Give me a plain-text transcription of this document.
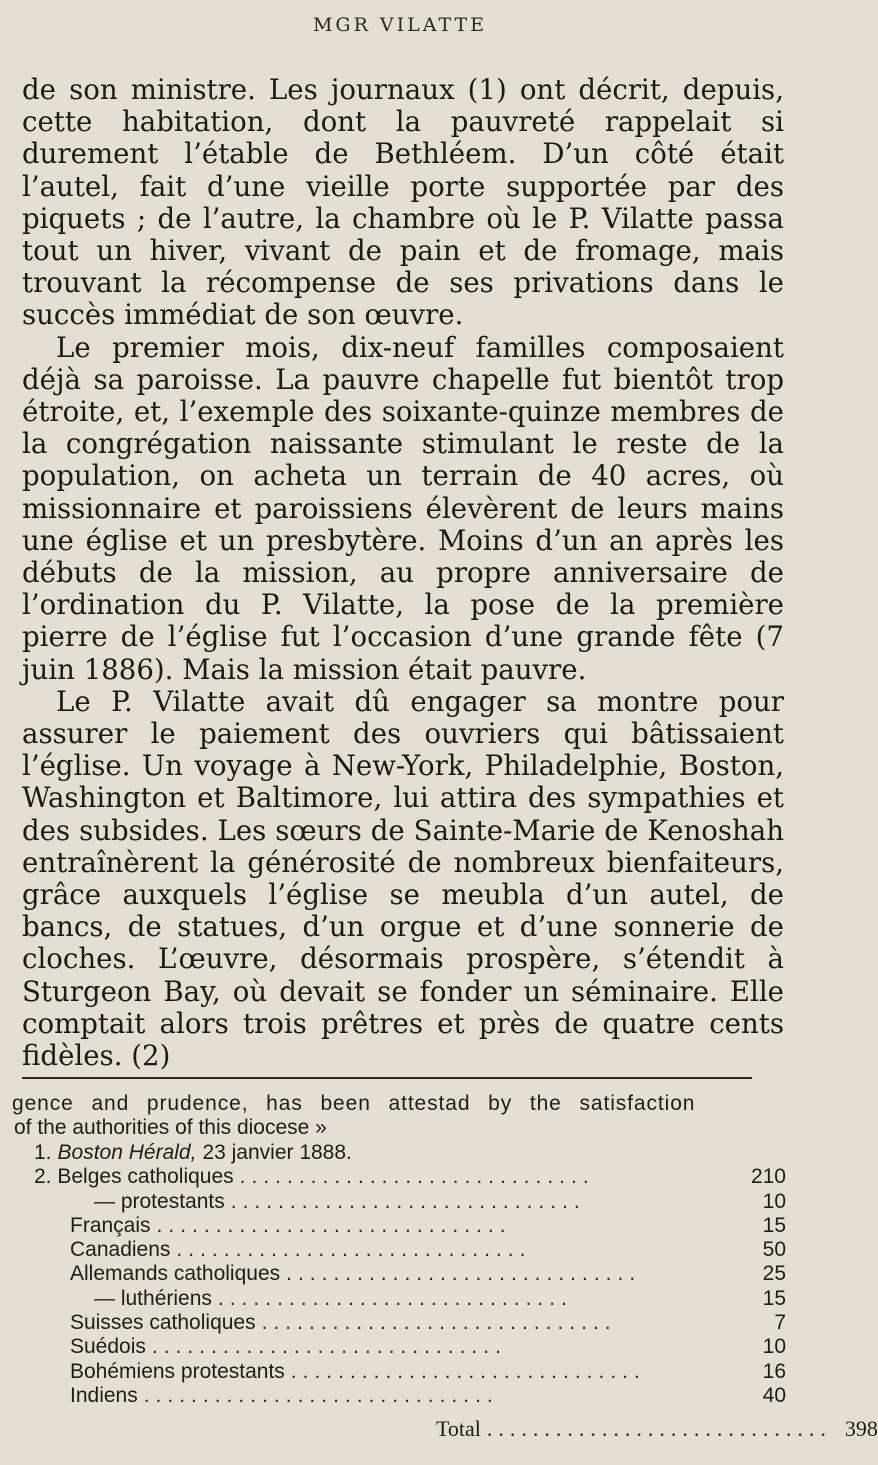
MGR VILATTE

de son ministre. Les journaux (1) ont décrit, depuis, cette habitation, dont la pauvreté rappelait si durement l’étable de Bethléem. D’un côté était l’autel, fait d’une vieille porte supportée par des piquets ; de l’autre, la chambre où le P. Vilatte passa tout un hiver, vivant de pain et de fromage, mais trouvant la récompense de ses privations dans le succès immédiat de son œuvre.

Le premier mois, dix-neuf familles composaient déjà sa paroisse. La pauvre chapelle fut bientôt trop étroite, et, l’exemple des soixante-quinze membres de la congrégation naissante stimulant le reste de la population, on acheta un terrain de 40 acres, où missionnaire et paroissiens élevèrent de leurs mains une église et un presbytère. Moins d’un an après les débuts de la mission, au propre anniversaire de l’ordination du P. Vilatte, la pose de la première pierre de l’église fut l’occasion d’une grande fête (7 juin 1886). Mais la mission était pauvre.

Le P. Vilatte avait dû engager sa montre pour assurer le paiement des ouvriers qui bâtissaient l’église. Un voyage à New-York, Philadelphie, Boston, Washington et Baltimore, lui attira des sympathies et des subsides. Les sœurs de Sainte-Marie de Kenoshah entraînèrent la générosité de nombreux bienfaiteurs, grâce auxquels l’église se meubla d’un autel, de bancs, de statues, d’un orgue et d’une sonnerie de cloches. L’œuvre, désormais prospère, s’étendit à Sturgeon Bay, où devait se fonder un séminaire. Elle comptait alors trois prêtres et près de quatre cents fidèles. (2)

gence and prudence, has been attestad by the satisfaction
of the authorities of this diocese »
1. Boston Hérald, 23 janvier 1888.
2. Belges catholiques ..............................	210
— protestants ..............................	10
Français ..............................	15
Canadiens ..............................	50
Allemands catholiques ..............................	25
— luthériens ..............................	15
Suisses catholiques ..............................	7
Suédois ..............................	10
Bohémiens protestants ..............................	16
Indiens ..............................	40
Total .............................. 398
